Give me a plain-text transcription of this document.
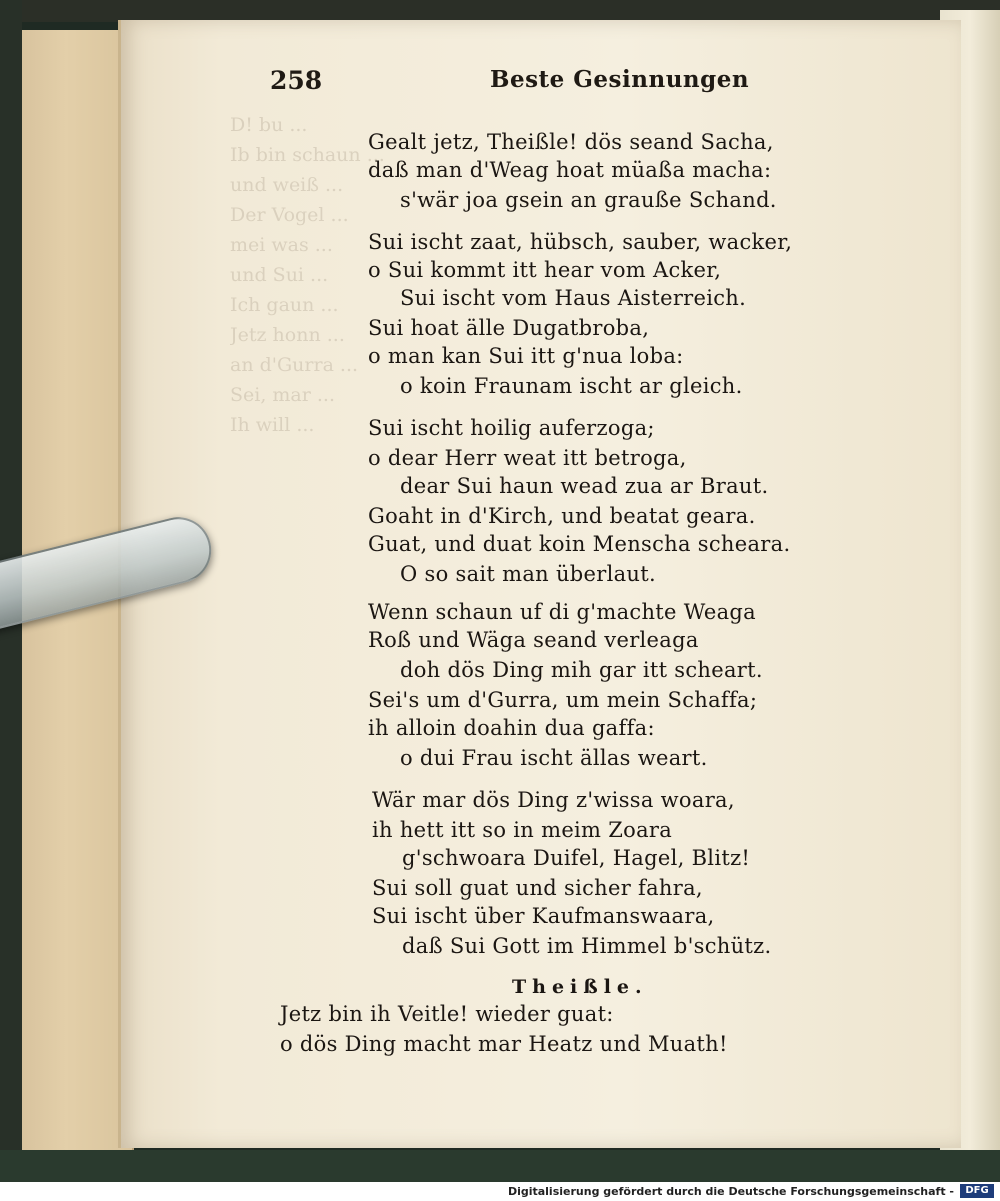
D! bu ...
Ib bin schaun ...
und weiß ...
Der Vogel ...
mei was ...
und Sui ...
Ich gaun ...
Jetz honn ...
an d'Gurra ...
Sei, mar ...
Ih will ...

258	Beste Gesinnungen
Gealt jetz, Theißle! dös seand Sacha,
daß man d'Weag hoat müaßa macha:
s'wär joa gsein an grauße Schand.
Sui ischt zaat, hübsch, sauber, wacker,
o Sui kommt itt hear vom Acker,
Sui ischt vom Haus Aisterreich.
Sui hoat älle Dugatbroba,
o man kan Sui itt g'nua loba:
o koin Fraunam ischt ar gleich.
Sui ischt hoilig auferzoga;
o dear Herr weat itt betroga,
dear Sui haun wead zua ar Braut.
Goaht in d'Kirch, und beatat geara.
Guat, und duat koin Menscha scheara.
O so sait man überlaut.
Wenn schaun uf di g'machte Weaga
Roß und Wäga seand verleaga
doh dös Ding mih gar itt scheart.
Sei's um d'Gurra, um mein Schaffa;
ih alloin doahin dua gaffa:
o dui Frau ischt ällas weart.
Wär mar dös Ding z'wissa woara,
ih hett itt so in meim Zoara
g'schwoara Duifel, Hagel, Blitz!
Sui soll guat und sicher fahra,
Sui ischt über Kaufmanswaara,
daß Sui Gott im Himmel b'schütz.
Theißle.
Jetz bin ih Veitle! wieder guat:
o dös Ding macht mar Heatz und Muath!
Digitalisierung gefördert durch die Deutsche Forschungsgemeinschaft -	DFG
